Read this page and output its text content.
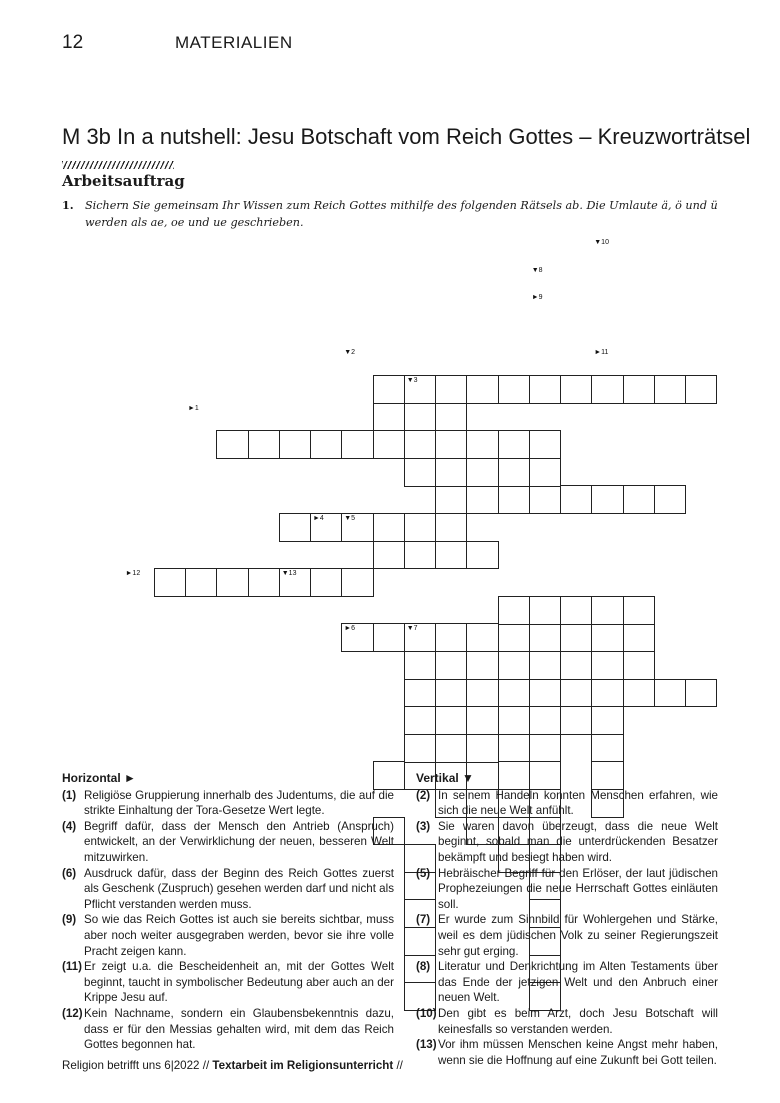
12	MATERIALIEN
M 3b In a nutshell: Jesu Botschaft vom Reich Gottes – Kreuzworträtsel
Arbeitsauftrag
1.	Sichern Sie gemeinsam Ihr Wissen zum Reich Gottes mithilfe des folgenden Rätsels ab. Die Umlaute ä, ö und ü werden als ae, oe und ue geschrieben.
▼10
▼8
►9
▼2	►11
▼3
►1
►4	▼5
►12	▼13
►6	▼7
Horizontal ►
(1) Religiöse Gruppierung innerhalb des Judentums, die auf die strikte Einhaltung der Tora-Gesetze Wert legte.
(4) Begriff dafür, dass der Mensch den Antrieb (Anspruch) entwickelt, an der Verwirklichung der neuen, besseren Welt mitzuwirken.
(6) Ausdruck dafür, dass der Beginn des Reich Gottes zuerst als Geschenk (Zuspruch) gesehen werden darf und nicht als Pflicht verstanden werden muss.
(9) So wie das Reich Gottes ist auch sie bereits sichtbar, muss aber noch weiter ausgegraben werden, bevor sie ihre volle Pracht zeigen kann.
(11) Er zeigt u.a. die Bescheidenheit an, mit der Gottes Welt beginnt, taucht in symbolischer Bedeutung aber auch an der Krippe Jesu auf.
(12) Kein Nachname, sondern ein Glaubensbekenntnis dazu, dass er für den Messias gehalten wird, mit dem das Reich Gottes begonnen hat.
Vertikal ▼
(2) In seinem Handeln konnten Menschen erfahren, wie sich die neue Welt anfühlt.
(3) Sie waren davon überzeugt, dass die neue Welt beginnt, sobald man die unterdrückenden Besatzer bekämpft und besiegt haben wird.
(5) Hebräischer Begriff für den Erlöser, der laut jüdischen Prophezeiungen die neue Herrschaft Gottes einläuten soll.
(7) Er wurde zum Sinnbild für Wohlergehen und Stärke, weil es dem jüdischen Volk zu seiner Regierungszeit sehr gut erging.
(8) Literatur und Denkrichtung im Alten Testaments über das Ende der jetzigen Welt und den Anbruch einer neuen Welt.
(10) Den gibt es beim Arzt, doch Jesu Botschaft will keinesfalls so verstanden werden.
(13) Vor ihm müssen Menschen keine Angst mehr haben, wenn sie die Hoffnung auf eine Zukunft bei Gott teilen.
Religion betrifft uns 6|2022 // Textarbeit im Religionsunterricht //
